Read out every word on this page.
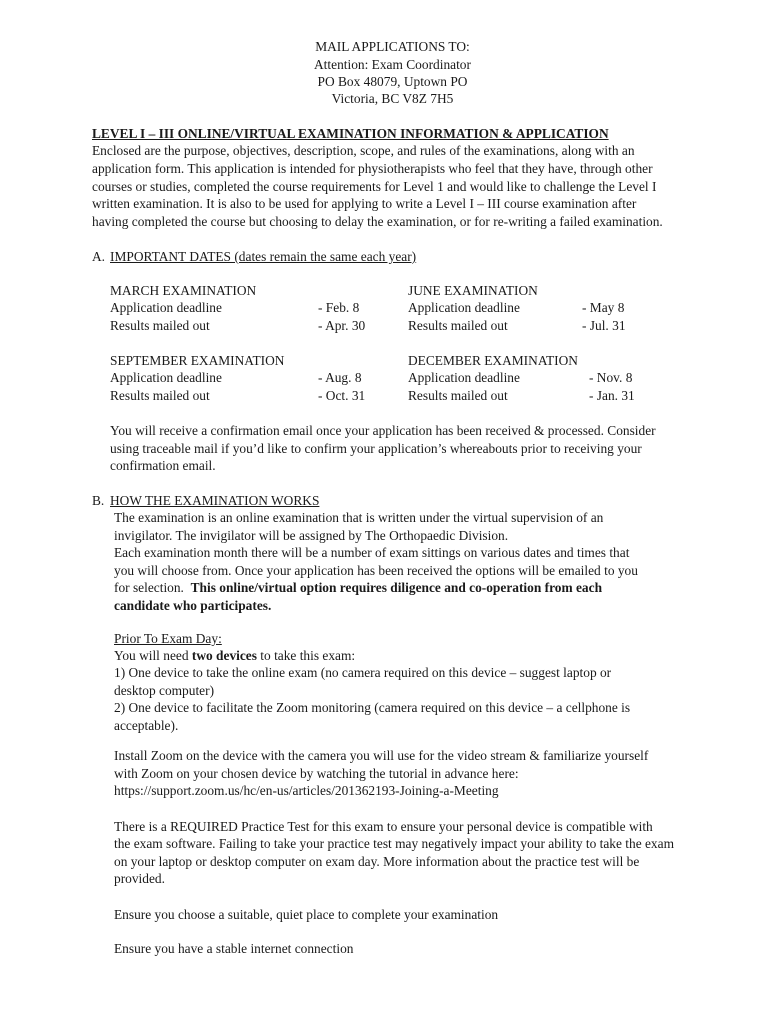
MAIL APPLICATIONS TO:
Attention: Exam Coordinator
PO Box 48079, Uptown PO
Victoria, BC V8Z 7H5
LEVEL I – III ONLINE/VIRTUAL EXAMINATION INFORMATION & APPLICATION
Enclosed are the purpose, objectives, description, scope, and rules of the examinations, along with an
application form. This application is intended for physiotherapists who feel that they have, through other
courses or studies, completed the course requirements for Level 1 and would like to challenge the Level I
written examination. It is also to be used for applying to write a Level I – III course examination after
having completed the course but choosing to delay the examination, or for re-writing a failed examination.
A. IMPORTANT DATES (dates remain the same each year)
MARCH EXAMINATION
Application deadline	- Feb. 8
Results mailed out	- Apr. 30
JUNE EXAMINATION
Application deadline	- May 8
Results mailed out	- Jul. 31
SEPTEMBER EXAMINATION
Application deadline	- Aug. 8
Results mailed out	- Oct. 31
DECEMBER EXAMINATION
Application deadline	- Nov. 8
Results mailed out	- Jan. 31
You will receive a confirmation email once your application has been received & processed. Consider
using traceable mail if you’d like to confirm your application’s whereabouts prior to receiving your
confirmation email.
B. HOW THE EXAMINATION WORKS
The examination is an online examination that is written under the virtual supervision of an
invigilator. The invigilator will be assigned by The Orthopaedic Division.
Each examination month there will be a number of exam sittings on various dates and times that
you will choose from. Once your application has been received the options will be emailed to you
for selection.  This online/virtual option requires diligence and co-operation from each
candidate who participates.
Prior To Exam Day:
You will need two devices to take this exam:
1) One device to take the online exam (no camera required on this device – suggest laptop or
desktop computer)
2) One device to facilitate the Zoom monitoring (camera required on this device – a cellphone is
acceptable).
Install Zoom on the device with the camera you will use for the video stream & familiarize yourself
with Zoom on your chosen device by watching the tutorial in advance here:
https://support.zoom.us/hc/en-us/articles/201362193-Joining-a-Meeting
There is a REQUIRED Practice Test for this exam to ensure your personal device is compatible with
the exam software. Failing to take your practice test may negatively impact your ability to take the exam
on your laptop or desktop computer on exam day. More information about the practice test will be
provided.
Ensure you choose a suitable, quiet place to complete your examination
Ensure you have a stable internet connection
